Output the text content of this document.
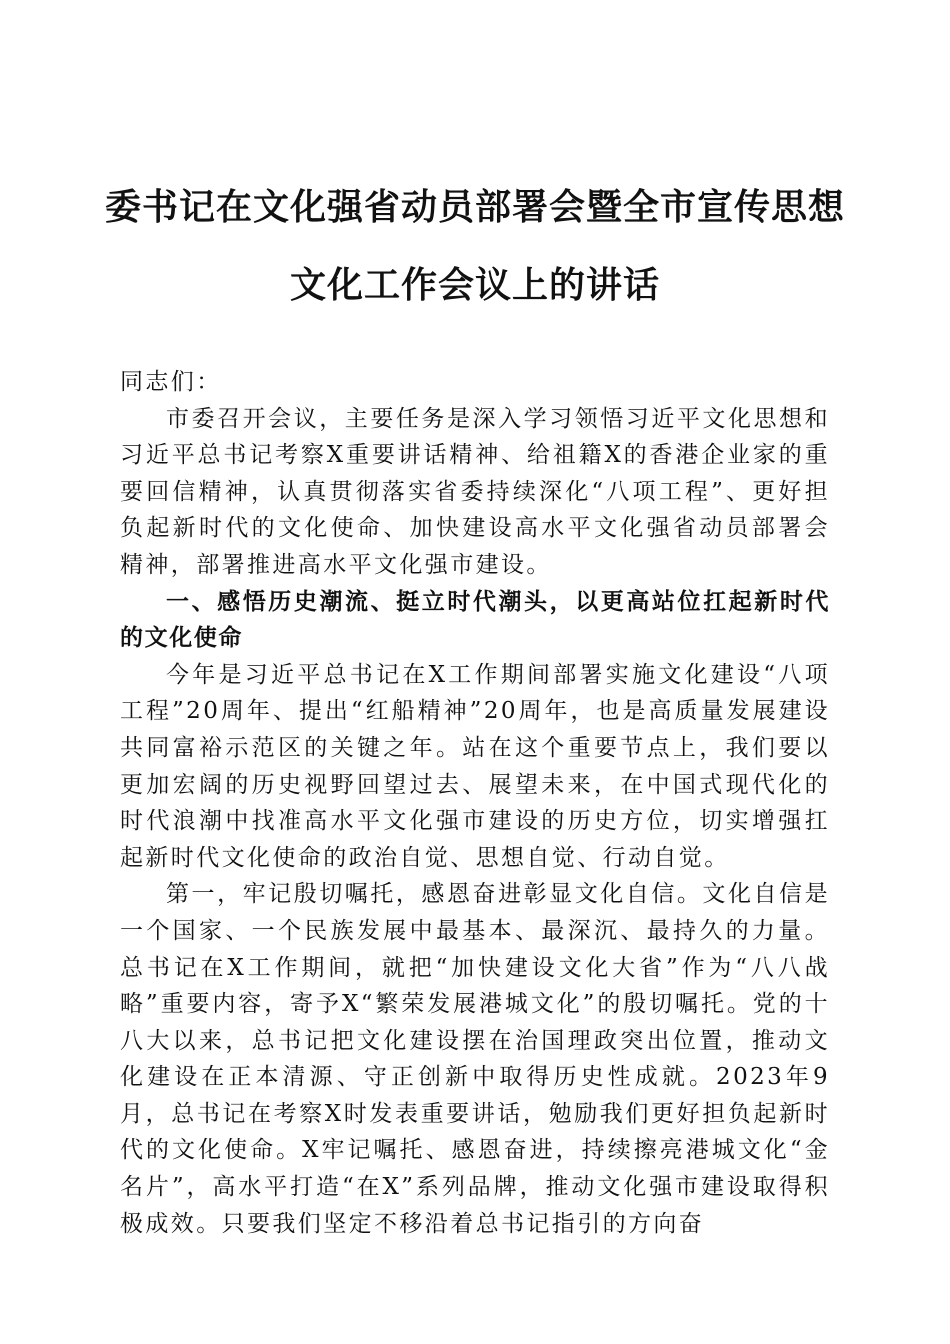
委书记在文化强省动员部署会暨全市宣传思想
文化工作会议上的讲话

同志们：

市委召开会议，主要任务是深入学习领悟习近平文化思想和习近平总书记考察X重要讲话精神、给祖籍X的香港企业家的重要回信精神，认真贯彻落实省委持续深化“八项工程”、更好担负起新时代的文化使命、加快建设高水平文化强省动员部署会精神，部署推进高水平文化强市建设。

一、感悟历史潮流、挺立时代潮头，以更高站位扛起新时代的文化使命

今年是习近平总书记在X工作期间部署实施文化建设“八项工程”20周年、提出“红船精神”20周年，也是高质量发展建设共同富裕示范区的关键之年。站在这个重要节点上，我们要以更加宏阔的历史视野回望过去、展望未来，在中国式现代化的时代浪潮中找准高水平文化强市建设的历史方位，切实增强扛起新时代文化使命的政治自觉、思想自觉、行动自觉。

第一，牢记殷切嘱托，感恩奋进彰显文化自信。文化自信是一个国家、一个民族发展中最基本、最深沉、最持久的力量。总书记在X工作期间，就把“加快建设文化大省”作为“八八战略”重要内容，寄予X“繁荣发展港城文化”的殷切嘱托。党的十八大以来，总书记把文化建设摆在治国理政突出位置，推动文化建设在正本清源、守正创新中取得历史性成就。2023年9月，总书记在考察X时发表重要讲话，勉励我们更好担负起新时代的文化使命。X牢记嘱托、感恩奋进，持续擦亮港城文化“金名片”，高水平打造“在X”系列品牌，推动文化强市建设取得积极成效。只要我们坚定不移沿着总书记指引的方向奋
